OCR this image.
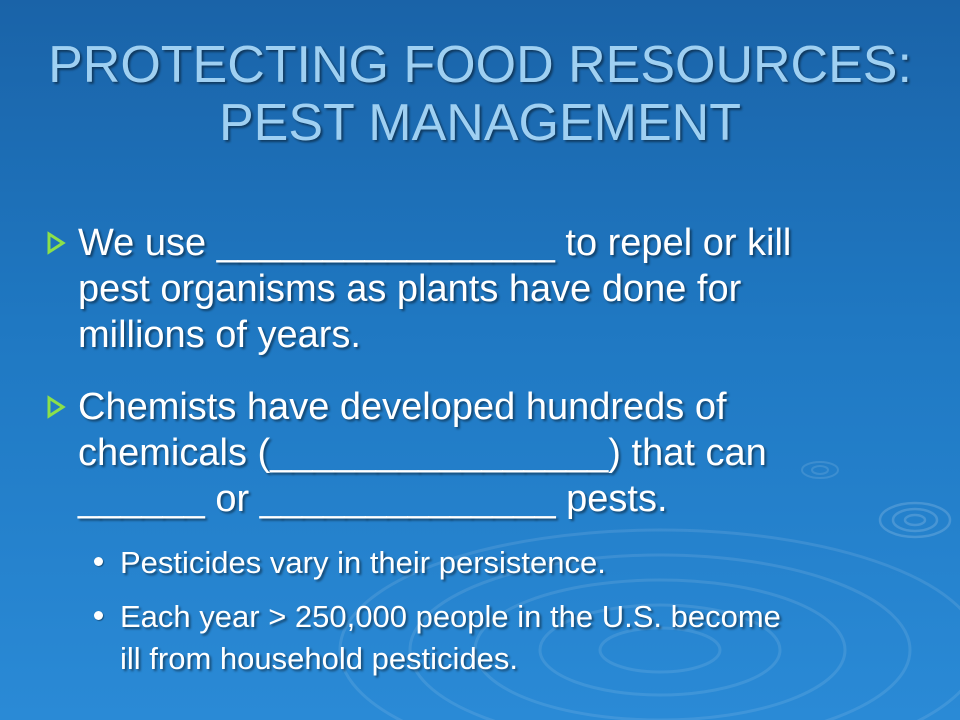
PROTECTING FOOD RESOURCES:
PEST MANAGEMENT
We use ________________ to repel or kill
pest organisms as plants have done for
millions of years.
Chemists have developed hundreds of
chemicals (________________) that can
______ or ______________ pests.
Pesticides vary in their persistence.
Each year > 250,000 people in the U.S. become
ill from household pesticides.
